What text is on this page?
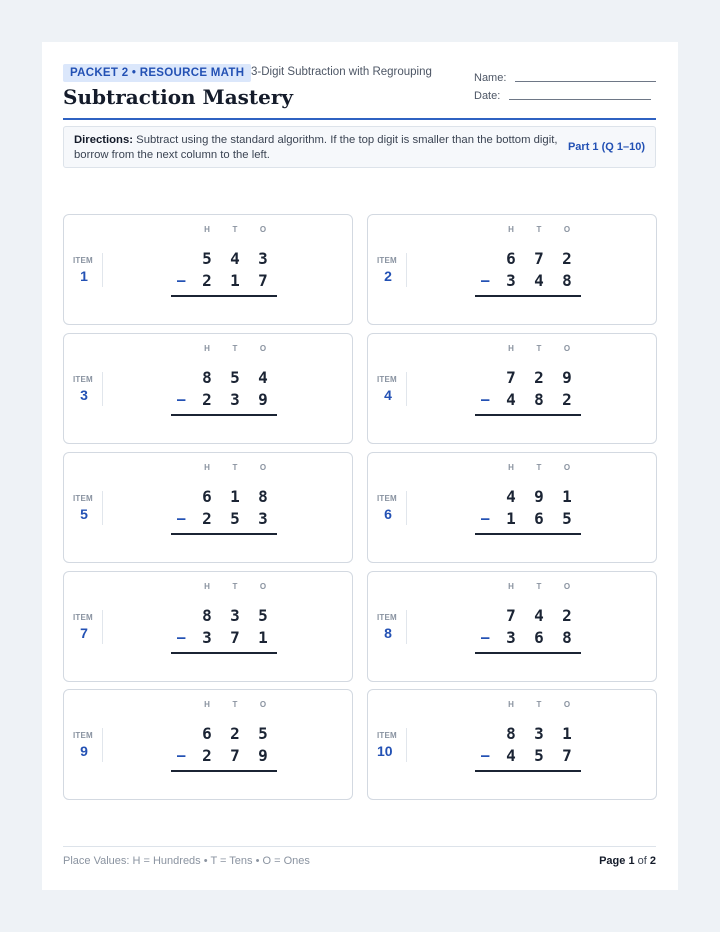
PACKET 2 • RESOURCE MATH 3-Digit Subtraction with Regrouping
Subtraction Mastery
Name:
Date:
Directions: Subtract using the standard algorithm. If the top digit is smaller than the bottom digit, borrow from the next column to the left.
Part 1 (Q 1–10)
ITEM
1
H
5
2
T
4
1
O
3
7
–
ITEM
2
H
6
3
T
7
4
O
2
8
–
ITEM
3
H
8
2
T
5
3
O
4
9
–
ITEM
4
H
7
4
T
2
8
O
9
2
–
ITEM
5
H
6
2
T
1
5
O
8
3
–
ITEM
6
H
4
1
T
9
6
O
1
5
–
ITEM
7
H
8
3
T
3
7
O
5
1
–
ITEM
8
H
7
3
T
4
6
O
2
8
–
ITEM
9
H
6
2
T
2
7
O
5
9
–
ITEM
10
H
8
4
T
3
5
O
1
7
–
Place Values: H = Hundreds • T = Tens • O = Ones	Page 1 of 2
